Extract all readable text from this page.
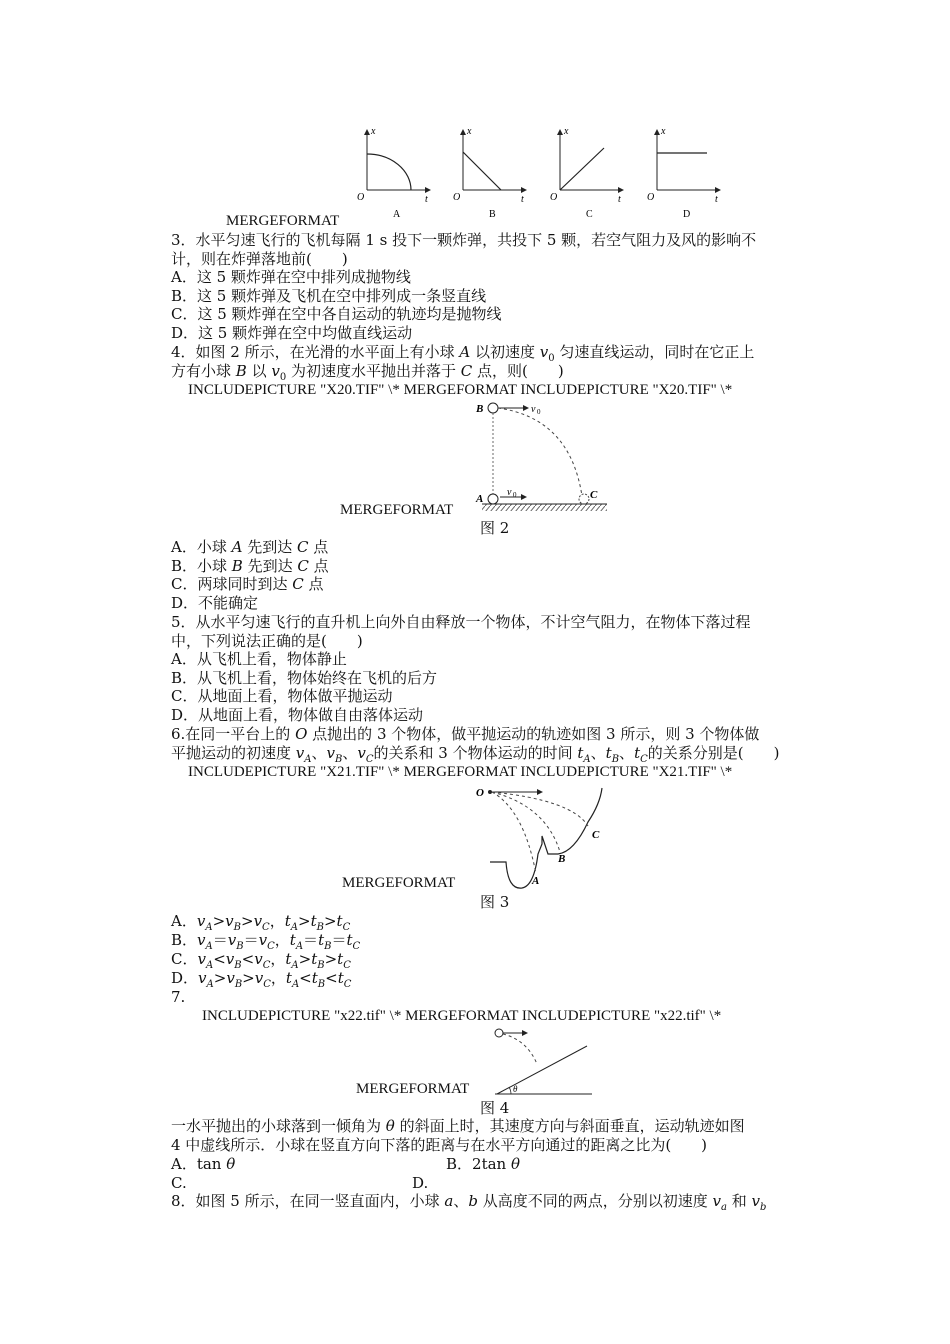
x
t
O
A
x
t
O
B
x
t
O
C
x
t
O
D
MERGEFORMAT
3．水平匀速飞行的飞机每隔 1 s 投下一颗炸弹，共投下 5 颗，若空气阻力及风的影响不
计，则在炸弹落地前(　　)
A．这 5 颗炸弹在空中排列成抛物线
B．这 5 颗炸弹及飞机在空中排列成一条竖直线
C．这 5 颗炸弹在空中各自运动的轨迹均是抛物线
D．这 5 颗炸弹在空中均做直线运动
4．如图 2 所示，在光滑的水平面上有小球 A 以初速度 $v_0$ 匀速直线运动，同时在它正上
方有小球 B 以 $v_0$ 为初速度水平抛出并落于 C 点，则(　　)
INCLUDEPICTURE "X20.TIF" \* MERGEFORMAT INCLUDEPICTURE "X20.TIF" \*
B	v 0
A
v 0	C
MERGEFORMAT
图 2
A．小球 A 先到达 C 点
B．小球 B 先到达 C 点
C．两球同时到达 C 点
D．不能确定
5．从水平匀速飞行的直升机上向外自由释放一个物体，不计空气阻力，在物体下落过程
中，下列说法正确的是(　　)
A．从飞机上看，物体静止
B．从飞机上看，物体始终在飞机的后方
C．从地面上看，物体做平抛运动
D．从地面上看，物体做自由落体运动
6.在同一平台上的 O 点抛出的 3 个物体，做平抛运动的轨迹如图 3 所示，则 3 个物体做
平抛运动的初速度 $v_A$、$v_B$、$v_C$的关系和 3 个物体运动的时间 $t_A$、$t_B$、$t_C$的关系分别是(　　)
INCLUDEPICTURE "X21.TIF" \* MERGEFORMAT INCLUDEPICTURE "X21.TIF" \*
O
A
B
C
MERGEFORMAT
图 3
A．$v_A>v_B>v_C$，$t_A>t_B>t_C$
B．$v_A=v_B=v_C$，$t_A=t_B=t_C$
C．$v_A<v_B<v_C$，$t_A>t_B>t_C$
D．$v_A>v_B>v_C$，$t_A<t_B<t_C$
7.
INCLUDEPICTURE "x22.tif" \* MERGEFORMAT INCLUDEPICTURE "x22.tif" \*
θ
MERGEFORMAT
图 4
一水平抛出的小球落到一倾角为 θ 的斜面上时，其速度方向与斜面垂直，运动轨迹如图
4 中虚线所示．小球在竖直方向下落的距离与在水平方向通过的距离之比为(　　)
A．tan θ	B．2tan θ
C.	D.
8．如图 5 所示，在同一竖直面内，小球 a、b 从高度不同的两点，分别以初速度 $v_a$ 和 $v_b$
